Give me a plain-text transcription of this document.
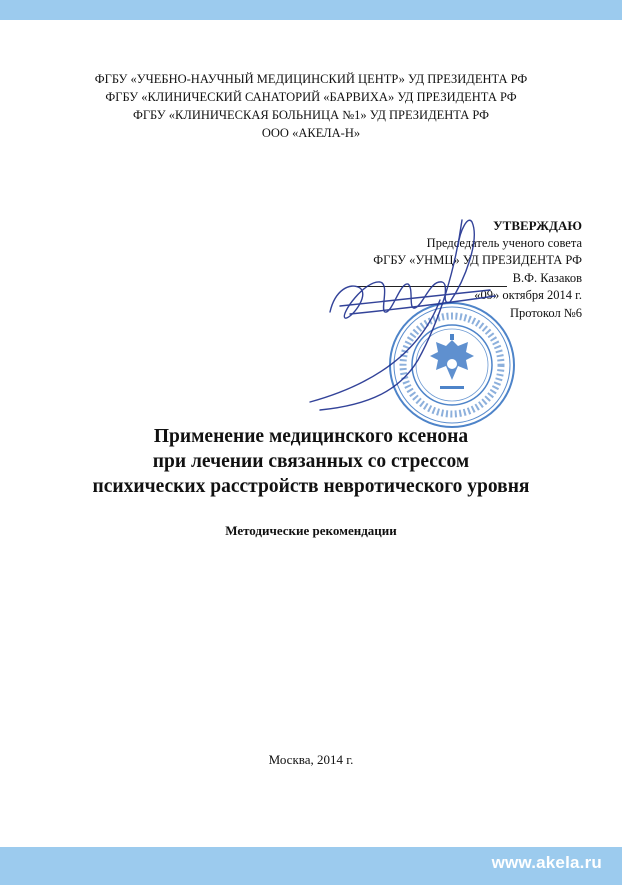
ФГБУ «УЧЕБНО-НАУЧНЫЙ МЕДИЦИНСКИЙ ЦЕНТР» УД ПРЕЗИДЕНТА РФ
ФГБУ «КЛИНИЧЕСКИЙ САНАТОРИЙ «БАРВИХА» УД ПРЕЗИДЕНТА РФ
ФГБУ «КЛИНИЧЕСКАЯ БОЛЬНИЦА №1» УД ПРЕЗИДЕНТА РФ
ООО «АКЕЛА-Н»
УТВЕРЖДАЮ
Председатель ученого совета
ФГБУ «УНМЦ» УД ПРЕЗИДЕНТА РФ
В.Ф. Казаков
«09» октября 2014 г.
Протокол №6
Применение медицинского ксенона
при лечении связанных со стрессом
психических расстройств невротического уровня
Методические рекомендации
Москва, 2014 г.
www.akela.ru
